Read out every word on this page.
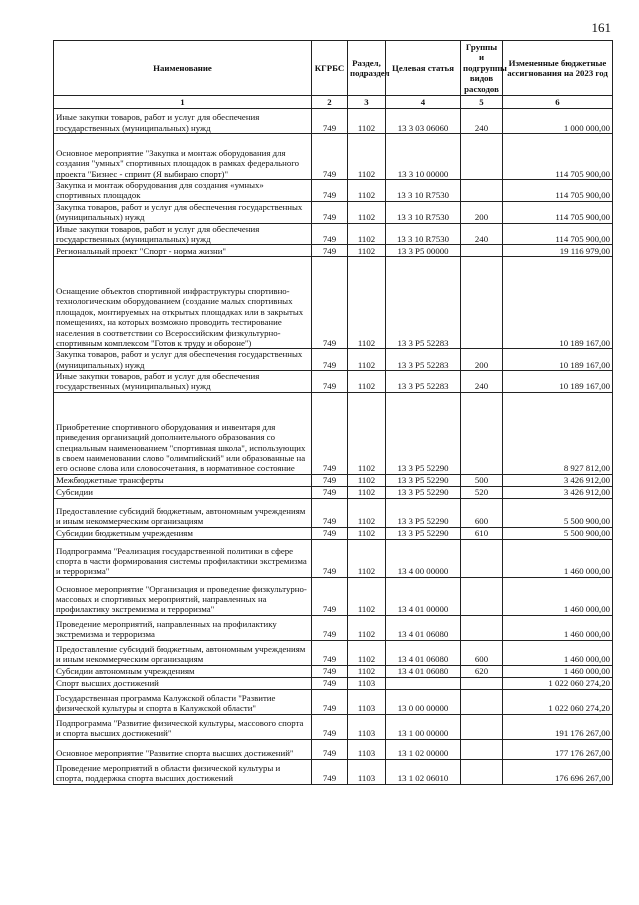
161
Наименование	КГРБС	Раздел, подраздел	Целевая статья	Группы и подгруппы видов расходов	Измененные бюджетные ассигнования на 2023 год
1	2	3	4	5	6
Иные закупки товаров, работ и услуг для обеспечения государственных (муниципальных) нужд	749	1102	13 3 03 06060	240	1 000 000,00
Основное мероприятие "Закупка и монтаж оборудования для создания "умных" спортивных площадок в рамках федерального проекта "Бизнес - спринт (Я выбираю спорт)"	749	1102	13 3 10 00000		114 705 900,00
Закупка и монтаж оборудования для создания «умных» спортивных площадок	749	1102	13 3 10 R7530		114 705 900,00
Закупка товаров, работ и услуг для обеспечения государственных (муниципальных) нужд	749	1102	13 3 10 R7530	200	114 705 900,00
Иные закупки товаров, работ и услуг для обеспечения государственных (муниципальных) нужд	749	1102	13 3 10 R7530	240	114 705 900,00
Региональный проект "Спорт - норма жизни"	749	1102	13 3 P5 00000		19 116 979,00
Оснащение объектов спортивной инфраструктуры спортивно-технологическим оборудованием (создание малых спортивных площадок, монтируемых на открытых площадках или в закрытых помещениях, на которых возможно проводить тестирование населения в соответствии со Всероссийским физкультурно-спортивным комплексом "Готов к труду и обороне")	749	1102	13 3 P5 52283		10 189 167,00
Закупка товаров, работ и услуг для обеспечения государственных (муниципальных) нужд	749	1102	13 3 P5 52283	200	10 189 167,00
Иные закупки товаров, работ и услуг для обеспечения государственных (муниципальных) нужд	749	1102	13 3 P5 52283	240	10 189 167,00
Приобретение спортивного оборудования и инвентаря для приведения организаций дополнительного образования со специальным наименованием "спортивная школа", использующих в своем наименовании слово "олимпийский" или образованные на его основе слова или словосочетания, в нормативное состояние	749	1102	13 3 P5 52290		8 927 812,00
Межбюджетные трансферты	749	1102	13 3 P5 52290	500	3 426 912,00
Субсидии	749	1102	13 3 P5 52290	520	3 426 912,00
Предоставление субсидий бюджетным, автономным учреждениям и иным некоммерческим организациям	749	1102	13 3 P5 52290	600	5 500 900,00
Субсидии бюджетным учреждениям	749	1102	13 3 P5 52290	610	5 500 900,00
Подпрограмма "Реализация государственной политики в сфере спорта в части формирования системы профилактики экстремизма и терроризма"	749	1102	13 4 00 00000		1 460 000,00
Основное мероприятие "Организация и проведение физкультурно-массовых и спортивных мероприятий, направленных на профилактику экстремизма и терроризма"	749	1102	13 4 01 00000		1 460 000,00
Проведение мероприятий, направленных на профилактику экстремизма и терроризма	749	1102	13 4 01 06080		1 460 000,00
Предоставление субсидий бюджетным, автономным учреждениям и иным некоммерческим организациям	749	1102	13 4 01 06080	600	1 460 000,00
Субсидии автономным учреждениям	749	1102	13 4 01 06080	620	1 460 000,00
Спорт высших достижений	749	1103			1 022 060 274,20
Государственная программа Калужской области "Развитие физической культуры и спорта в Калужской области"	749	1103	13 0 00 00000		1 022 060 274,20
Подпрограмма "Развитие физической культуры, массового спорта и спорта высших достижений"	749	1103	13 1 00 00000		191 176 267,00
Основное мероприятие "Развитие спорта высших достижений"	749	1103	13 1 02 00000		177 176 267,00
Проведение мероприятий в области физической культуры и спорта, поддержка спорта высших достижений	749	1103	13 1 02 06010		176 696 267,00
